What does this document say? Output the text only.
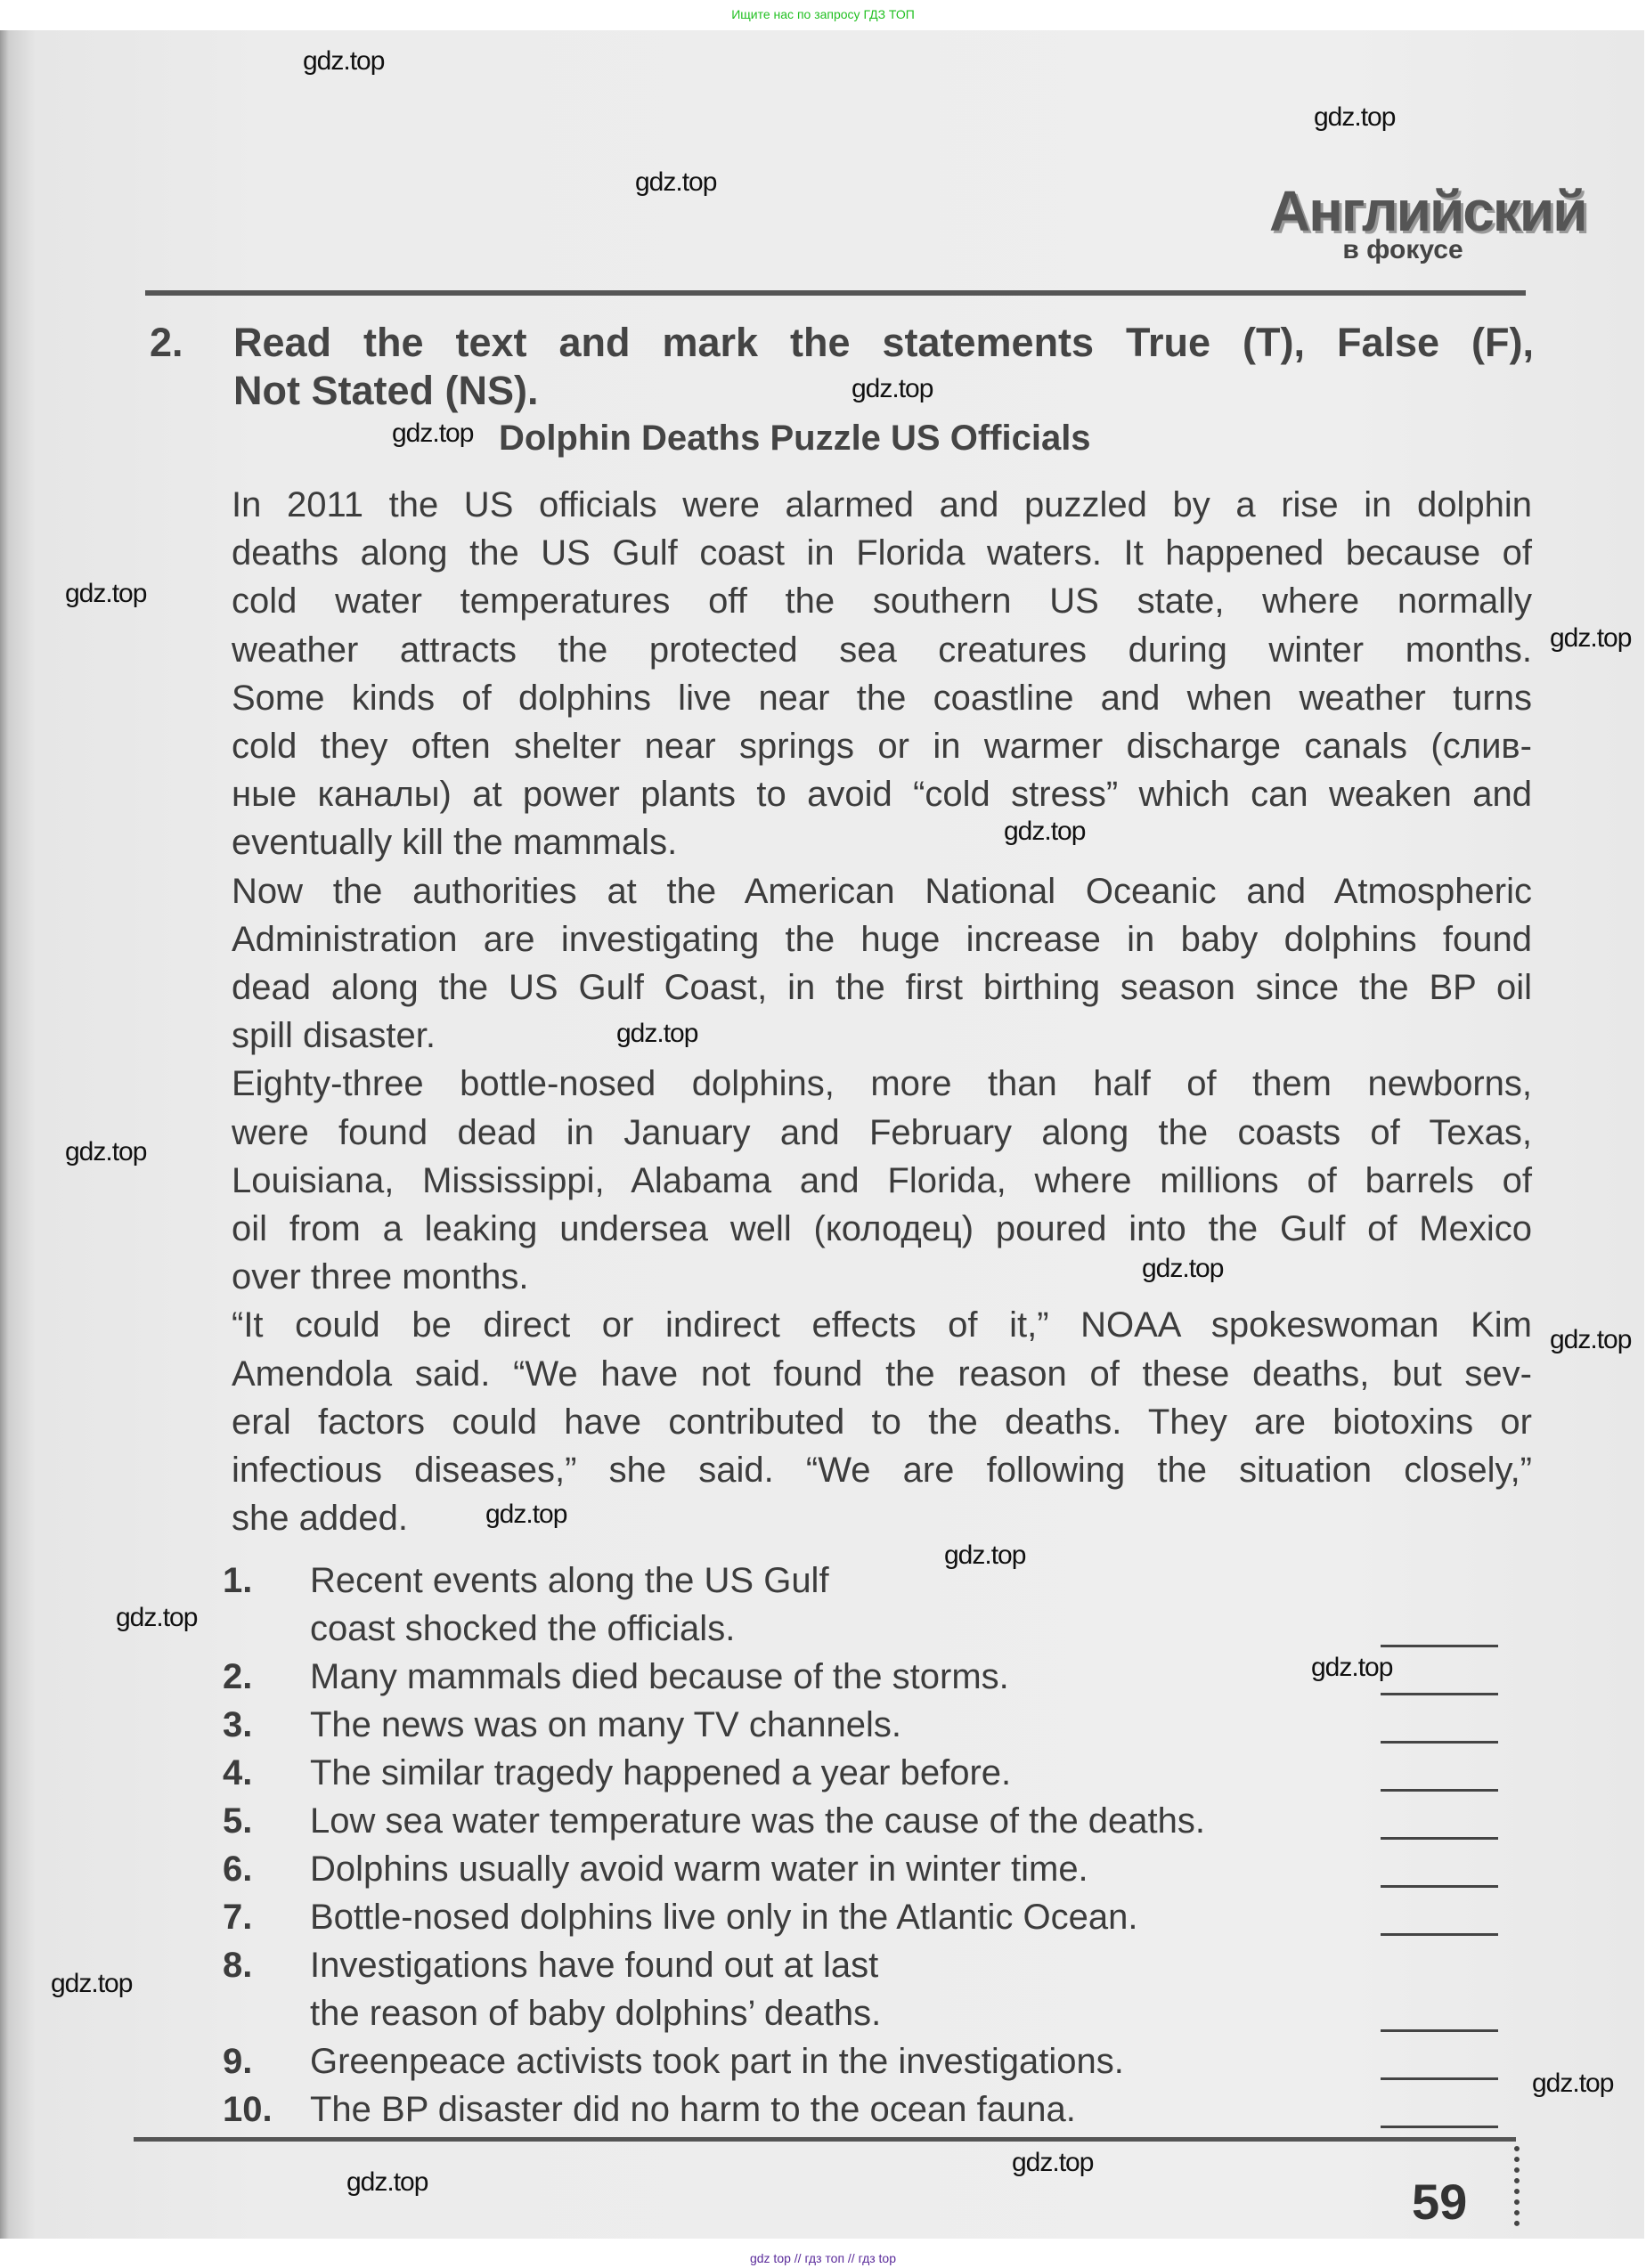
Ищите нас по запросу ГДЗ ТОП
Английский
в фокусе
2. Read the text and mark the statements True (T), False (F),
Not Stated (NS).
Dolphin Deaths Puzzle US Officials
In 2011 the US officials were alarmed and puzzled by a rise in dolphin
deaths along the US Gulf coast in Florida waters. It happened because of
cold water temperatures off the southern US state, where normally
weather attracts the protected sea creatures during winter months.
Some kinds of dolphins live near the coastline and when weather turns
cold they often shelter near springs or in warmer discharge canals (слив-
ные каналы) at power plants to avoid “cold stress” which can weaken and
eventually kill the mammals.
Now the authorities at the American National Oceanic and Atmospheric
Administration are investigating the huge increase in baby dolphins found
dead along the US Gulf Coast, in the first birthing season since the BP oil
spill disaster.
Eighty-three bottle-nosed dolphins, more than half of them newborns,
were found dead in January and February along the coasts of Texas,
Louisiana, Mississippi, Alabama and Florida, where millions of barrels of
oil from a leaking undersea well (колодец) poured into the Gulf of Mexico
over three months.
“It could be direct or indirect effects of it,” NOAA spokeswoman Kim
Amendola said. “We have not found the reason of these deaths, but sev-
eral factors could have contributed to the deaths. They are biotoxins or
infectious diseases,” she said. “We are following the situation closely,”
she added.
1. Recent events along the US Gulf
coast shocked the officials.
2. Many mammals died because of the storms.
3. The news was on many TV channels.
4. The similar tragedy happened a year before.
5. Low sea water temperature was the cause of the deaths.
6. Dolphins usually avoid warm water in winter time.
7. Bottle-nosed dolphins live only in the Atlantic Ocean.
8. Investigations have found out at last
the reason of baby dolphins’ deaths.
9. Greenpeace activists took part in the investigations.
10. The BP disaster did no harm to the ocean fauna.
59
gdz.top
gdz.top
gdz.top
gdz.top
gdz.top
gdz.top
gdz.top
gdz.top
gdz.top
gdz.top
gdz.top
gdz.top
gdz.top
gdz.top
gdz.top
gdz.top
gdz.top
gdz.top
gdz.top
gdz.top
gdz top // гдз топ // гдз top
